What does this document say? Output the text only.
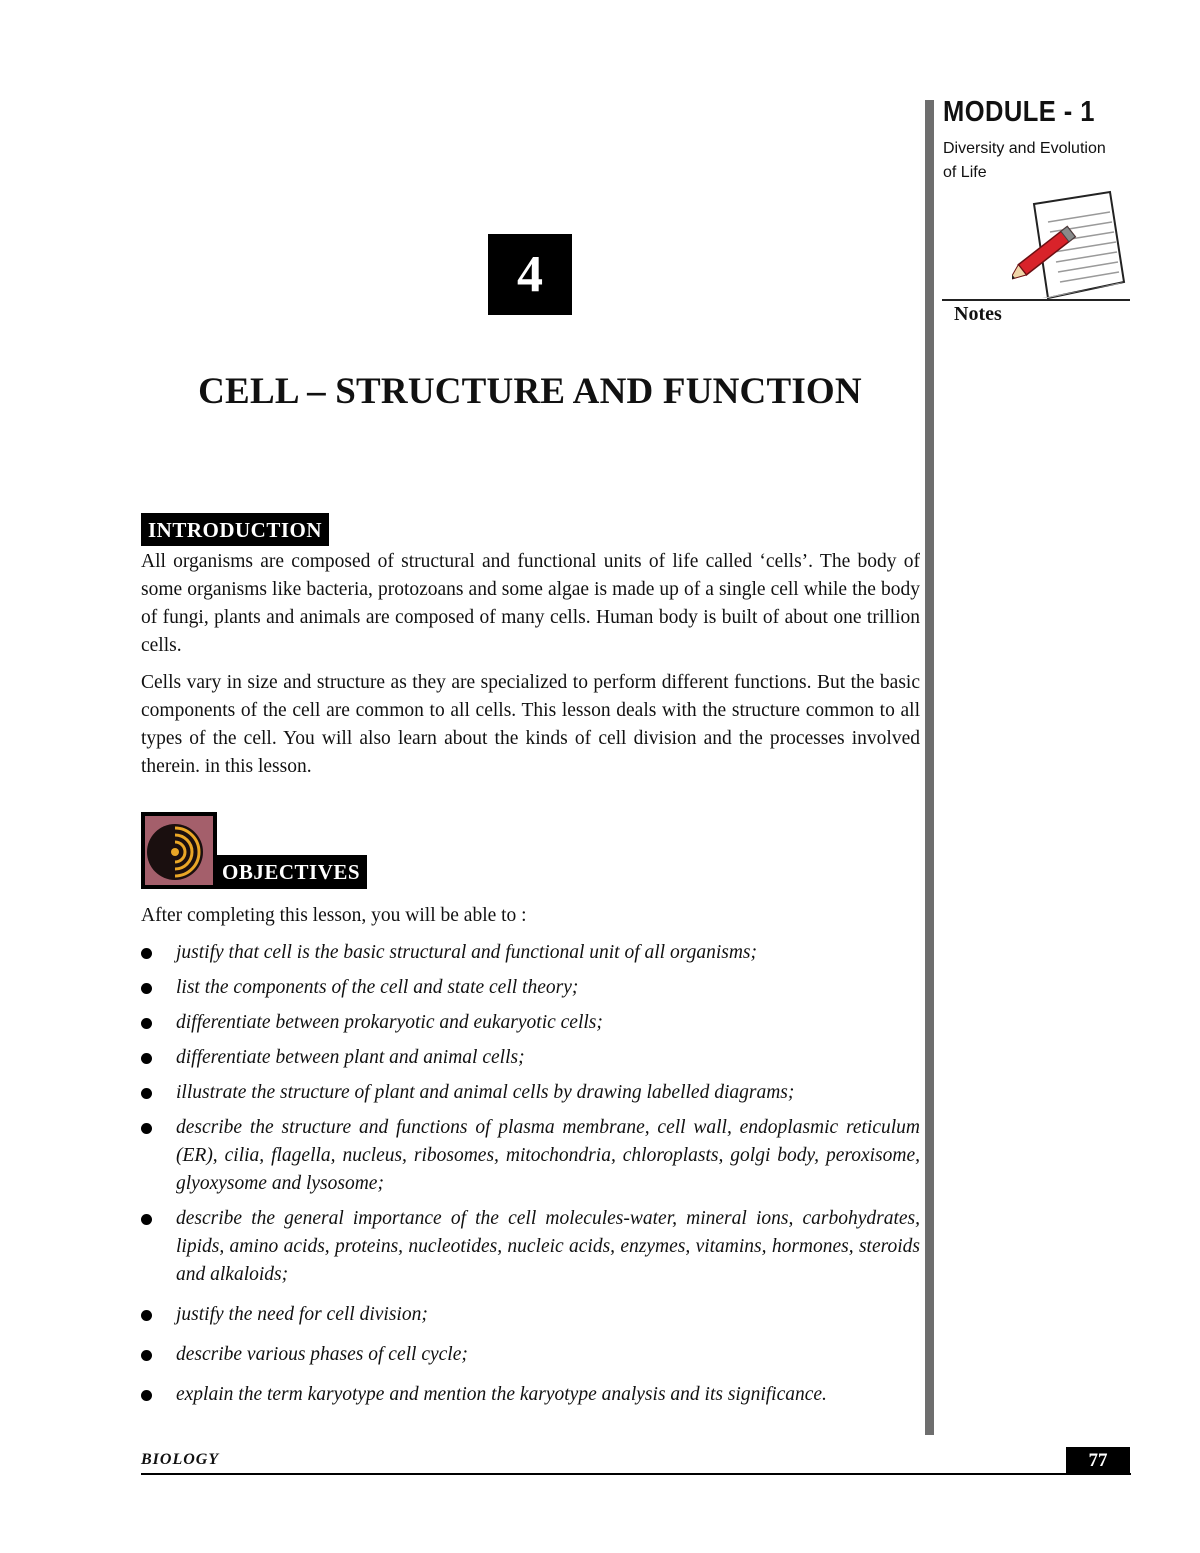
MODULE - 1
Diversity and Evolution
of Life
Notes
4
CELL – STRUCTURE AND FUNCTION
INTRODUCTION

All organisms are composed of structural and functional units of life called ‘cells’. The body of some organisms like bacteria, protozoans and some algae is made up of a single cell while the body of fungi, plants and animals are composed of many cells. Human body is built of about one trillion cells.

Cells vary in size and structure as they are specialized to perform different functions. But the basic components of the cell are common to all cells. This lesson deals with the structure common to all types of the cell. You will also learn about the kinds of cell division and the processes involved therein. in this lesson.

OBJECTIVES
After completing this lesson, you will be able to :
justify that cell is the basic structural and functional unit of all organisms;
list the components of the cell and state cell theory;
differentiate between prokaryotic and eukaryotic cells;
differentiate between plant and animal cells;
illustrate the structure of plant and animal cells by drawing labelled diagrams;
describe the structure and functions of plasma membrane, cell wall, endoplasmic reticulum (ER), cilia, flagella, nucleus, ribosomes, mitochondria, chloroplasts, golgi body, peroxisome, glyoxysome and lysosome;
describe the general importance of the cell molecules-water, mineral ions, carbohydrates, lipids, amino acids, proteins, nucleotides, nucleic acids, enzymes, vitamins, hormones, steroids and alkaloids;
justify the need for cell division;
describe various phases of cell cycle;
explain the term karyotype and mention the karyotype analysis and its significance.
BIOLOGY	77
